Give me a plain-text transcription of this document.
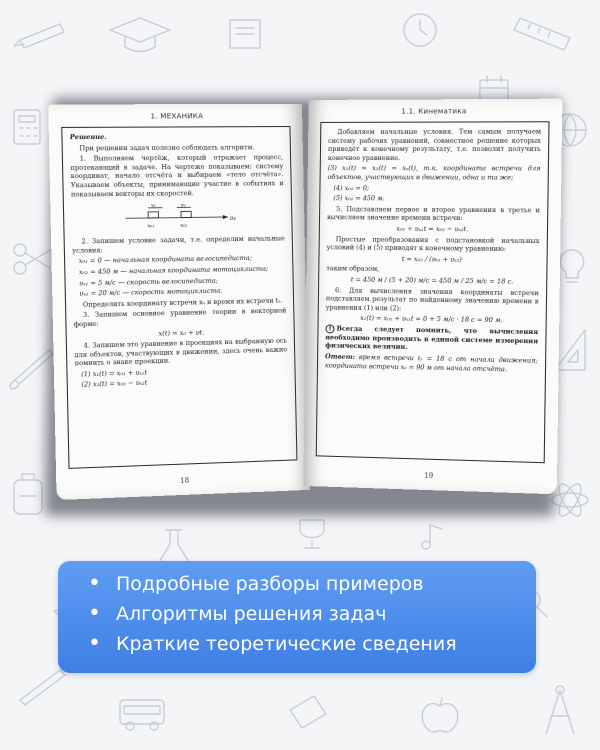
1. МЕХАНИКА

Решение.

При решении задач полезно соблюдать алгоритм.

1. Выполняем чертёж, который отражает процесс, протекающий в задаче. На чертеже показываем: систему координат, начало отсчёта и выбираем «тело отсчёта». Указываем объекты, принимающие участие в событиях и показываем векторы их скоростей.

v₁	v₂
x₀₁	x₀₂
0x

2. Запишем условие задачи, т.е. определим начальные условия:

x₀₁ = 0 — начальная координата велосипедиста;

x₀₂ = 450 м — начальная координата мотоциклиста;

υₓ₁ = 5 м/с — скорость велосипедиста;

υₓ₂ = 20 м/с — скорость мотоциклиста.

Определить координату встречи xₛ и время их встречи tₛ.

3. Запишем основное уравнение теории в векторной форме:

x(t) = x₀ + υt.

4. Запишем это уравнение в проекциях на выбранную ось для объектов, участвующих в движении, здесь очень важно помнить о знаке проекции.

(1) x₁(t) = x₀₁ + υₓ₁t

(2) x₂(t) = x₀₂ − υₓ₂t

18
1.1. Кинематика

Добавляем начальные условия. Тем самым получаем систему рабочих уравнений, совместное решение которых приведёт к конечному результату, т.е. позволит получить конечное уравнение.

(3) x₁(t) = x₂(t) = xₛ(t), т.к. координата встречи для объектов, участвующих в движении, одна и та же;

(4) x₀₁ = 0;

(5) x₀₂ = 450 м.

5. Подставляем первое и второе уравнения в третье и вычисляем значение времени встречи:

x₀₁ + υₓ₁t = x₀₂ − υₓ₂t.

Простые преобразования с подстановкой начальных условий (4) и (5) приводят к конечному уравнению:

t = x₀₂ / (υₓ₁ + υₓ₂)

таким образом,

t = 450 м / (5 + 20) м/с = 450 м / 25 м/с = 18 с.

6. Для вычисления значения координаты встречи подставляем результат по найденному значению времени в уравнения (1) или (2):

x₁(t) = x₀₁ + υₓ₁t = 0 + 5 м/с · 18 с = 90 м.

! Всегда следует помнить, что вычисления необходимо производить в единой системе измерения физических величин.

Ответ: время встречи tₛ = 18 с от начала движения; координата встречи xₛ = 90 м от начала отсчёта.

19
• Подробные разборы примеров
• Алгоритмы решения задач
• Краткие теоретические сведения
